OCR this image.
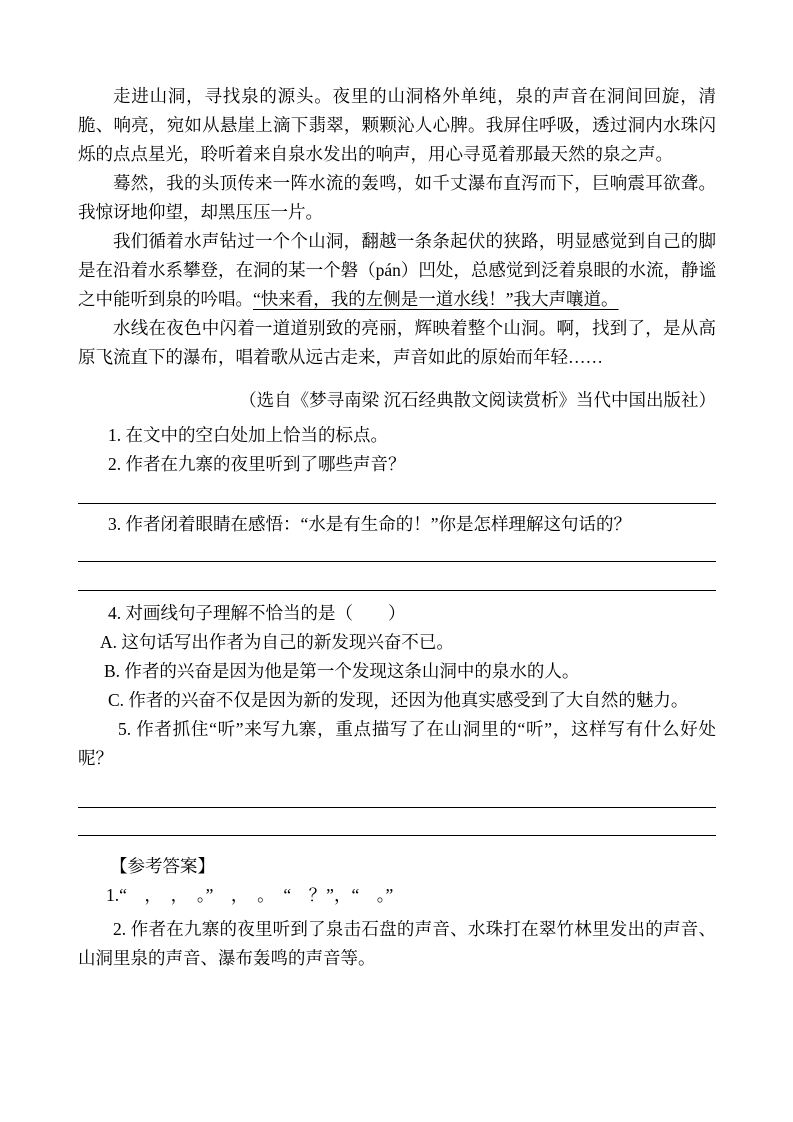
走进山洞，寻找泉的源头。夜里的山洞格外单纯，泉的声音在洞间回旋，清脆、响亮，宛如从悬崖上滴下翡翠，颗颗沁人心脾。我屏住呼吸，透过洞内水珠闪烁的点点星光，聆听着来自泉水发出的响声，用心寻觅着那最天然的泉之声。

蓦然，我的头顶传来一阵水流的轰鸣，如千丈瀑布直泻而下，巨响震耳欲聋。我惊讶地仰望，却黑压压一片。

我们循着水声钻过一个个山洞，翻越一条条起伏的狭路，明显感觉到自己的脚是在沿着水系攀登，在洞的某一个磐（pán）凹处，总感觉到泛着泉眼的水流，静谧之中能听到泉的吟唱。“快来看，我的左侧是一道水线！”我大声嚷道。

水线在夜色中闪着一道道别致的亮丽，辉映着整个山洞。啊，找到了，是从高原飞流直下的瀑布，唱着歌从远古走来，声音如此的原始而年轻……

（选自《梦寻南梁 沉石经典散文阅读赏析》当代中国出版社）

1. 在文中的空白处加上恰当的标点。

2. 作者在九寨的夜里听到了哪些声音？

3. 作者闭着眼睛在感悟：“水是有生命的！”你是怎样理解这句话的？

4. 对画线句子理解不恰当的是（　　）

A. 这句话写出作者为自己的新发现兴奋不已。

B. 作者的兴奋是因为他是第一个发现这条山洞中的泉水的人。

C. 作者的兴奋不仅是因为新的发现，还因为他真实感受到了大自然的魅力。

5. 作者抓住“听”来写九寨，重点描写了在山洞里的“听”，这样写有什么好处呢？

【参考答案】

1.“　，　，　。”　，　。　“　？”，“　。”

2. 作者在九寨的夜里听到了泉击石盘的声音、水珠打在翠竹林里发出的声音、山洞里泉的声音、瀑布轰鸣的声音等。
